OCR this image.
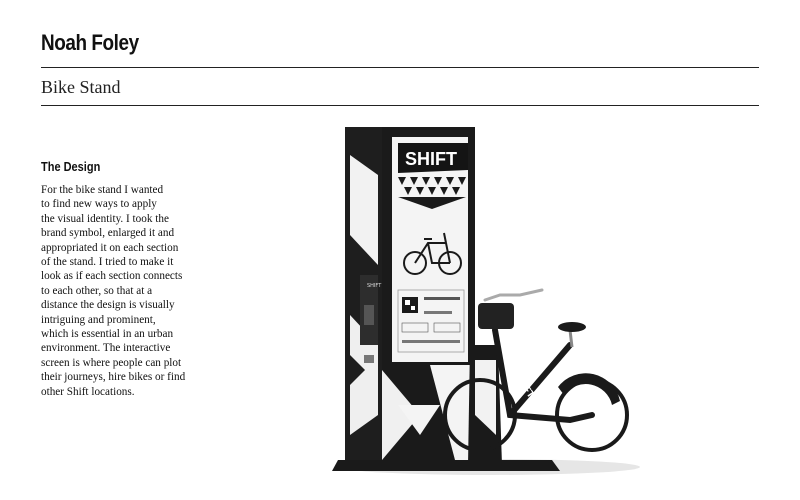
Noah Foley
Bike Stand
The Design
For the bike stand I wanted
to find new ways to apply
the visual identity. I took the
brand symbol, enlarged it and
appropriated it on each section
of the stand. I tried to make it
look as if each section connects
to each other, so that at a
distance the design is visually
intriguing and prominent,
which is essential in an urban
environment. The interactive
screen is where people can plot
their journeys, hire bikes or find
other Shift locations.
SHIFT
SHIFT
SHIFT
